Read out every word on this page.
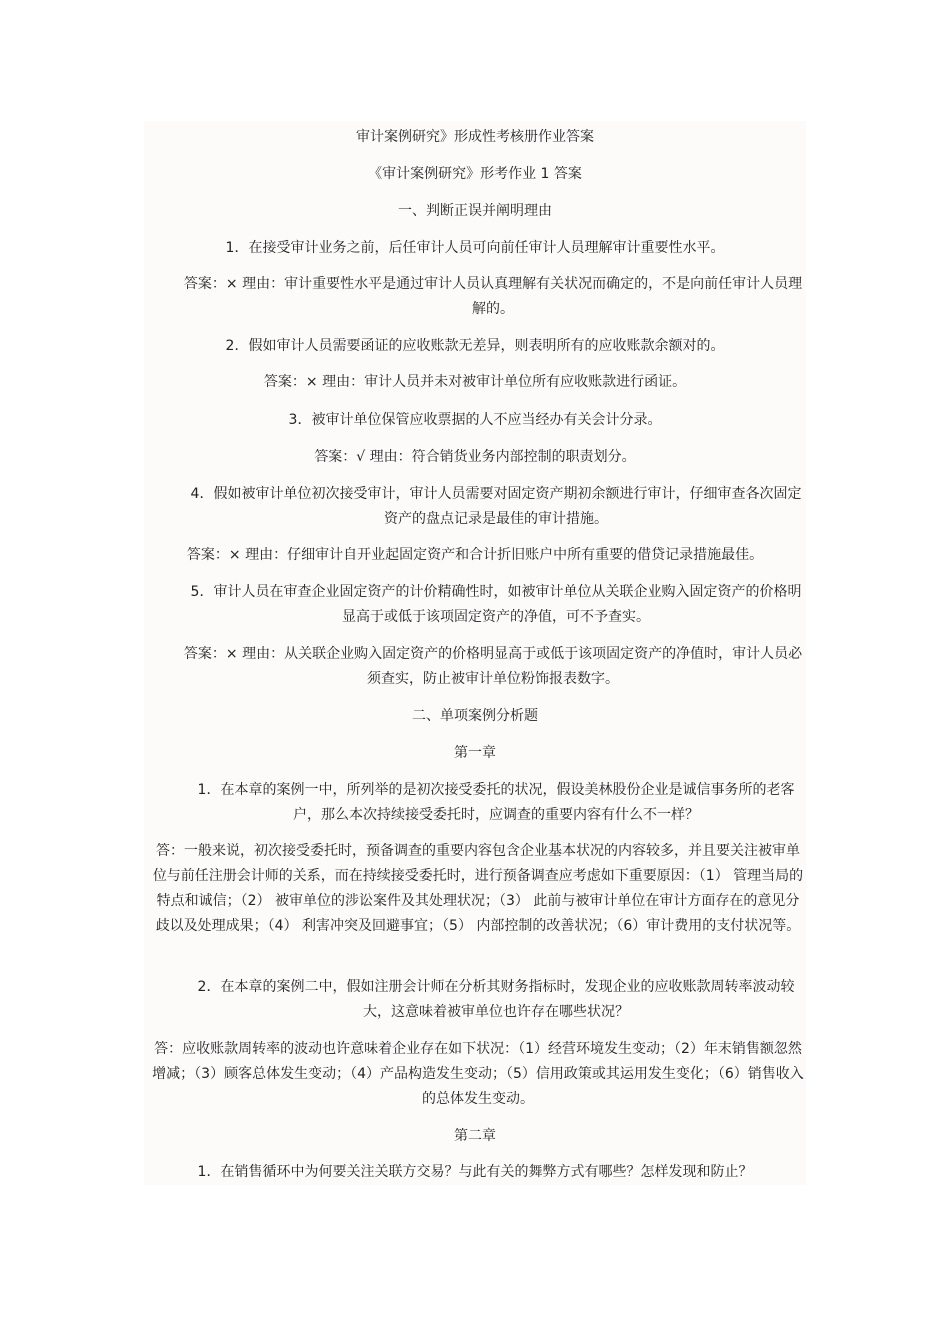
审计案例研究》形成性考核册作业答案
《审计案例研究》形考作业 1 答案
一、判断正误并阐明理由
1．在接受审计业务之前，后任审计人员可向前任审计人员理解审计重要性水平。
答案：× 理由：审计重要性水平是通过审计人员认真理解有关状况而确定的，不是向前任审计人员理解的。
2．假如审计人员需要函证的应收账款无差异，则表明所有的应收账款余额对的。
答案：× 理由：审计人员并未对被审计单位所有应收账款进行函证。
3．被审计单位保管应收票据的人不应当经办有关会计分录。
答案：√ 理由：符合销货业务内部控制的职责划分。
4．假如被审计单位初次接受审计，审计人员需要对固定资产期初余额进行审计，仔细审查各次固定资产的盘点记录是最佳的审计措施。
答案：× 理由：仔细审计自开业起固定资产和合计折旧账户中所有重要的借贷记录措施最佳。
5．审计人员在审查企业固定资产的计价精确性时，如被审计单位从关联企业购入固定资产的价格明显高于或低于该项固定资产的净值，可不予查实。
答案：× 理由：从关联企业购入固定资产的价格明显高于或低于该项固定资产的净值时，审计人员必须查实，防止被审计单位粉饰报表数字。
二、单项案例分析题
第一章
1．在本章的案例一中，所列举的是初次接受委托的状况，假设美林股份企业是诚信事务所的老客户，那么本次持续接受委托时，应调查的重要内容有什么不一样？
答：一般来说，初次接受委托时，预备调查的重要内容包含企业基本状况的内容较多，并且要关注被审单位与前任注册会计师的关系，而在持续接受委托时，进行预备调查应考虑如下重要原因：（1） 管理当局的特点和诚信；（2） 被审单位的涉讼案件及其处理状况；（3） 此前与被审计单位在审计方面存在的意见分歧以及处理成果；（4） 利害冲突及回避事宜；（5） 内部控制的改善状况；（6）审计费用的支付状况等。
2．在本章的案例二中，假如注册会计师在分析其财务指标时，发现企业的应收账款周转率波动较大，这意味着被审单位也许存在哪些状况？
答：应收账款周转率的波动也许意味着企业存在如下状况：（1）经营环境发生变动；（2）年末销售额忽然增减；（3）顾客总体发生变动；（4）产品构造发生变动；（5）信用政策或其运用发生变化；（6）销售收入的总体发生变动。
第二章
1．在销售循环中为何要关注关联方交易？与此有关的舞弊方式有哪些？怎样发现和防止？
